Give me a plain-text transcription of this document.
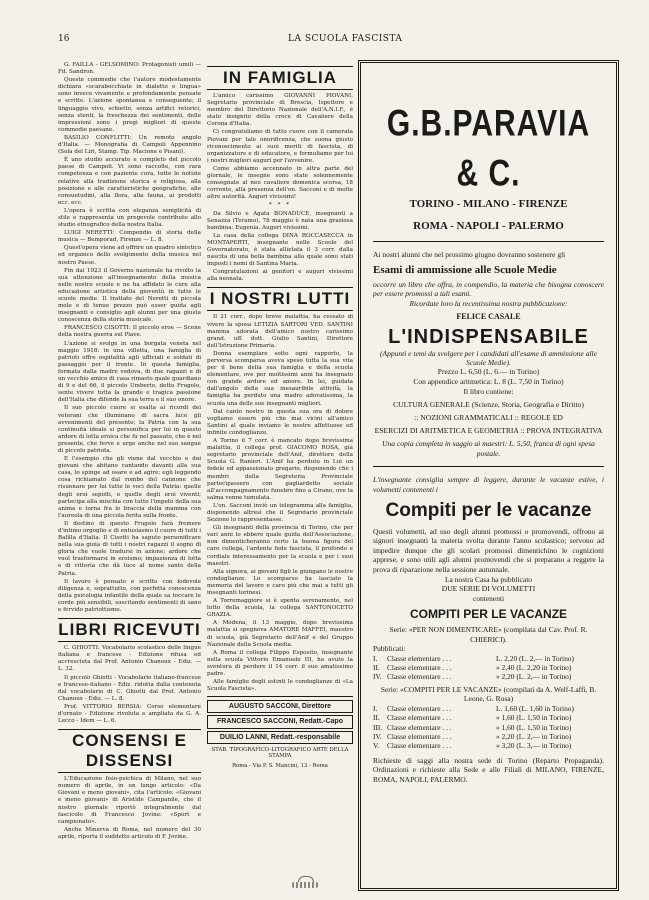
16	LA SCUOLA FASCISTA

G. FAILLA - GELSOMINO: Protagonisti umili — Fd. Sandron.

Queste commedie che l'autore modestamente dichiara «scarabocchiate in dialetto e lingua» sono invece vivamente e profondamente pensate e scritte. L'azione spontanea e conseguente; il linguaggio vivo, schietto, senza artifici retorici, senza stenti, la freschezza dei sentimenti, delle impressioni sono i pregi migliori di queste commedie paesane.

BASILIO CONFLITTI: Un remoto angolo d'Italia. — Monografia di Campoli Appennino (Sola del Liri, Stamp. Tip. Macione e Pisani).

È uno studio accurato e completo del piccolo paese di Campoli. Vi sono raccolte, con rara competenza e con paziente cura, tutte le notizie relative alla tradizione storica e religiosa, alla posizione e alle caratteristiche geografiche, alle consuetudini, alla flora, alla fauna, ai prodotti ecc. ecc.

L'opera è scritta con eleganza semplicità di stile e rappresenta un pregevole contributo allo studio etnografico della nostra Italia.

LUIGI NERETTI: Compendio di storia della musica — Bemporad, Firenze — L. 8.

Quest'opera viene ad offrire un quadro sintetico ed organico dello svolgimento della musica nel nostro Paese.

Fin dal 1923 il Governo nazionale ha rivolto la sua attenzione all'insegnamento della musica nelle nostre scuole e ne ha affidato le cure alla educazione artistica della gioventù in tutte le scuole medie. Il trattato del Neretti di piccola mole e di tenue prezzo può esser guida agli insegnanti e consiglio agli alunni per una giusta conoscenza della storia musicale.

FRANCESCO CISOTTI: Il piccolo eroe — Scene della nostra guerra sul Piave.

L'azione si svolge in una borgata veneta nel maggio 1918: in una villetta, una famiglia di patrioti offre ospitalità agli ufficiali e soldati di passaggio per il fronte. In questa famiglia, formata dalla madre vedova, di due ragazzi e di un vecchio amico di casa rimasto quale guardiano di 9 e del 66, il piccolo Umberto, detto Frugolo, sente vivere tutta la grande e tragica passione dell'Italia che difende la sua terra e il suo onore.

Il suo piccolo cuore si esalta ai ricordi dei veterani che illuminano di sacra luce gli avvenimenti del presente; la Patria con la sua continuità ideale si personifica per lui in questo ardore di lotta eroica che fu nel passato, che è nel presente, che ferve e urge anche nel suo sangue di piccolo patriota.

E l'esempio che gli viene dal vecchio e dai giovani che abitano cantando davanti alla sua casa, lo spinge ad osare e ad agire: egli leggendo cosa richiamato dal rombo del cannone che risuonare per lui tutte le voci della Patria: quelle degli eroi sepolti, e quelle degli eroi viventi; partecipa alla mischia con tutto l'impeto della sua anima e torna fra le braccia della mamma con l'aureola di una piccola ferita sulla fronte.

Il destino di questo Frugolo farà fremere d'intimo orgoglio e di entusiasmo il cuore di tutti i Balilla d'Italia. Il Cisotti ha saputo personificare nella sua gioia di tutti i nostri ragazzi il sogno di gloria che vuole tradursi in azione; ardore che vuol trasformarsi in eroismo; impazienza di lotta e di vittoria che dà luce al nome santo della Patria.

Il lavoro è pensato e scritto con lodevole diligenza e, soprattutto, con perfetta conoscenza della psicologia infantile della quale sa toccare le corde più sensibili, suscitando sentimenti di sano e fervido patriottismo.

LIBRI RICEVUTI

C. GHIOTTI: Vocabolario scolastico delle lingue italiana e francese - Edizione rifusa ed accresciuta dal Prof. Antonio Chanoux - Ediz. — L. 32.

Il piccolo Ghiotti - Vocabolario italiano-francese e francese-italiano - Ediz. ridotta dalla contenuta dal vocabolario di C. Ghiotti dal Prof. Antonio Chanoux - Ediz. — L. 8.

Prof. VITTORIO BERSIA: Corso elementare d'ornato - Edizione rivoluta e ampliata da G. A. Lecco - Idem — L. 6.

CONSENSI E DISSENSI

L'Educazione fisio-psichica di Milano, nel suo numero di aprile, in un lungo articolo: «Da Giovani e meno giovani», cita l'articolo: «Giovani e meno giovani» di Aristide Campanile, che il nostro giornale riportò integralmente dal fascicolo di Francesco Jovine: «Sport e campionato».

Anche Minerva di Roma, nel numero del 30 aprile, riporta il suddetto articolo di F. Jovine.

IN FAMIGLIA

L'amico carissimo GIOVANNI PIOVANI, Segretario provinciale di Brescia, Ispettore e membro del Direttorio Nazionale dell'A.N.I.F., è stato insignito della croce di Cavaliere della Corona d'Italia.

Ci congratuliamo di tutto cuore con il camerata Piovani per tale onorificenza, che suona giusto riconoscimento ai suoi meriti di fascista, di organizzatore e di educatore, e formuliamo per lui i nostri migliori auguri per l'avvenire.

Come abbiamo accennato in altra parte del giornale, le insegne sono state solennemente consegnate al neo cavaliere domenica scorsa, 18 corrente, alla presenza dell'on. Sacconi e di molte altre autorità. Auguri vivissimi!

* * *

Da Silvio e Agata BONADUCE, insegnanti a Senazza (Teramo), 78 maggio è nata una graziosa bambina: Eugenia. Auguri vivissimi.

La casa della collega DINA ROCCASECCA in MONTAPERTI, insegnante nelle Scuole del Governatorato, è stata allietata il 3 corr. dalla nascita di una bella bambina alla quale sono stati imposti i nomi di Santina Maria.

Congratulazioni ai genitori e auguri vivissimi alla neonata.

I NOSTRI LUTTI

Il 21 corr., dopo breve malattia, ha cessato di vivere la sposa LETIZIA SARTORI VED. SANTINI mamma adorata dell'amico nostro carissimo grand. uff. dott. Giulio Santini, Direttore dell'Istruzione Primaria.

Donna esemplare sotto ogni rapporto, la perversa scomparsa aveva speso tutta la sua vita per il bene della sua famiglia e della scuola elementare, ove per moltissimi anni ha insegnato con grande ardore ed amore. In lei, guidata dall'angolo della sua inesauribile attività, la famiglia ha perduto una madre adoratissima, la scuola una delle sue insegnanti migliori.

Dal canto nostro in questa sua ora di dolore vogliamo essere più che mai vicini all'amico Santini al quale inviamo le nostre affettuose ed infinite condoglianze.

A Torino il 7 corr. è mancato dopo brevissima malattia, il collega prof. GIACOMO ROSA, già segretario provinciale dell'Anif, direttore della Scuola G. Ranieri. L'Anif ha perduto in Lui un fedele ed appassionato gregario, disponendo che i membri della Segreteria Provinciale partecipassero con gagliardetto sociale all'accompagnamento funebre fino a Cirano, ove la salma venne tumulata.

L'on. Sacconi inviò un telegramma alla famiglia, disponendo altresì che il Segretario provinciale Sezione lo rappresentasse.

Gli insegnanti della provincia di Torino, che per vari anni lo ebbero quale guida dell'Associazione, non dimenticheranno certo la buona figura del caro collega, l'ardente fede fascista, il profondo e cordiale interessamento per la scuola e per i suoi maestri.

Alla signora, ai giovani figli le giungano le nostre condoglianze. Lo scomparso ha lasciato la memoria del lavoro e caro più che mai a tutti gli insegnanti torinesi.

A Torremaggiore si è spenta serenamente, nel lutto della scuola, la collega SANTONOCETO GRAZIA.

A Modena, il 13 maggio, dopo brevissima malattia si spegneva AMATORE MAFFEI, maestro di scuola, già Segretario dell'Anif e del Gruppo Nazionale della Scuola media.

A Roma il collega Filippo Esposito, insegnante nella scuola Vittorio Emanuele III, ha avuto la sventura di perdere il 14 corr. il suo amatissimo padre.

Alle famiglie degli estinti le condoglianze di «La Scuola Fascista».

AUGUSTO SACCONI, Direttore
FRANCESCO SACCONI, Redatt.-Capo
DUILIO LANNI, Redatt.-responsabile
STAB. TIPOGRAFICO-LITOGRAFICO ARTE DELLA STAMPA
Roma - Via P. S. Mancini, 13 - Roma
G.B.PARAVIA & C.
TORINO - MILANO - FIRENZE
ROMA - NAPOLI - PALERMO
Ai nostri alunni che nel prossimo giugno dovranno sostenere gli
Esami di ammissione alle Scuole Medie
occorre un libro che offra, in compendio, la materia che bisogna conoscere per essere promossi a tali esami.
Ricordate loro la recentissima nostra pubblicazione:
FELICE CASALE
L'INDISPENSABILE
(Appunti e temi da svolgere per i candidati all'esame di ammissione alle Scuole Medie).
Prezzo L. 6,50 (L. 6.— in Torino)
Con appendice aritmetica: L. 8 (L. 7,50 in Torino)
Il libro contiene:
CULTURA GENERALE (Scienze, Storia, Geografia e Diritto)
:: NOZIONI GRAMMATICALI :: REGOLE ED
ESERCIZI DI ARITMETICA E GEOMETRIA :: PROVA INTEGRATIVA
Una copia completa in saggio ai maestri: L. 5,50, franca di ogni spesa postale.
L'insegnante consiglia sempre di leggere, durante le vacanze estive, i volumetti contenenti i
Compiti per le vacanze
Questi volumetti, ad uso degli alunni promossi o promovendi, offrono ai signori insegnanti la materia svolta durante l'anno scolastico; servono ad impedire dunque che gli scolari promossi dimentichino le cognizioni apprese, e sono utili agli alunni promovendi che si preparano a reggere la prova di riparazione nella sessione autunnale.
La nostra Casa ha pubblicato
DUE SERIE DI VOLUMETTI
contenenti
COMPITI PER LE VACANZE
Serie: «PER NON DIMENTICARE» (compilata dal Cav. Prof. R. CHIERICI).
Pubblicati:
I.	Classe elementare . . .	L. 2,20 (L. 2,— in Torino)
II. Classe elementare . . .	» 2,40 (L. 2,20 in Torino)
IV. Classe elementare . . .	» 2,20 (L. 2,— in Torino)
Serie: «COMPITI PER LE VACANZE» (compilati da A. Welf-Laffi, B. Leone, G. Rosa)
I.	Classe elementare . . .	L. 1,60 (L. 1,60 in Torino)
II. Classe elementare . . .	» 1,60 (L. 1,50 in Torino)
III. Classe elementare . . .	» 1,60 (L. 1,50 in Torino)
IV. Classe elementare . . .	» 2,20 (L. 2,— in Torino)
V.	Classe elementare . . .	» 3,20 (L. 3,— in Torino)
Richieste di saggi alla nostra sede di Torino (Reparto Propaganda). Ordinazioni e richieste alla Sede e alle Filiali di MILANO, FIRENZE, ROMA, NAPOLI, PALERMO.
